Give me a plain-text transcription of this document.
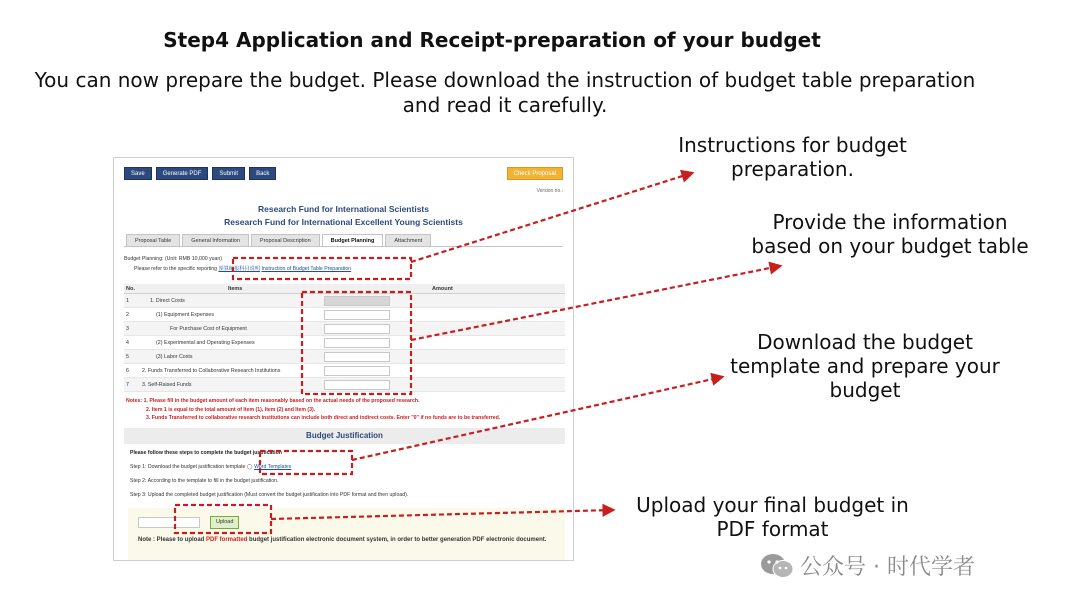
Step4 Application and Receipt-preparation of your budget
You can now prepare the budget. Please download the instruction of budget table preparation
and read it carefully.
Instructions for budget
preparation.
Provide the information
based on your budget table
Download the budget
template and prepare your
budget
Upload your final budget in
PDF format
Save	Generate PDF	Submit	Back	Check Proposal
Version no.:
Research Fund for International Scientists
Research Fund for International Excellent Young Scientists
Proposal Table	General Information	Proposal Description	Budget Planning	Attachment
Budget Planning: (Unit: RMB 10,000 yuan)
Please refer to the specific reporting 预算编报科目说明 Instruction of Budget Table Preparation
No.	Items	Amount
1	1. Direct Costs
2	(1) Equipment Expenses
3	For Purchase Cost of Equipment
4	(2) Experimental and Operating Expenses
5	(3) Labor Costs
6 2. Funds Transferred to Collaborative Research Institutions
7 3. Self-Raised Funds
Notes: 1. Please fill in the budget amount of each item reasonably based on the actual needs of the proposed research.
2. Item 1 is equal to the total amount of Item (1), Item (2) and Item (3).
3. Funds Transferred to collaborative research institutions can include both direct and indirect costs. Enter "0" if no funds are to be transferred.
Budget Justification
Please follow these steps to complete the budget justification
Step 1: Download the budget justification template ◯ Word Templates
Step 2: According to the template to fill in the budget justification.
Step 3: Upload the completed budget justification (Must convert the budget justification into PDF format and then upload).
Upload
Note : Please to upload PDF formatted budget justification electronic document system, in order to better generation PDF electronic document.
公众号 · 时代学者
